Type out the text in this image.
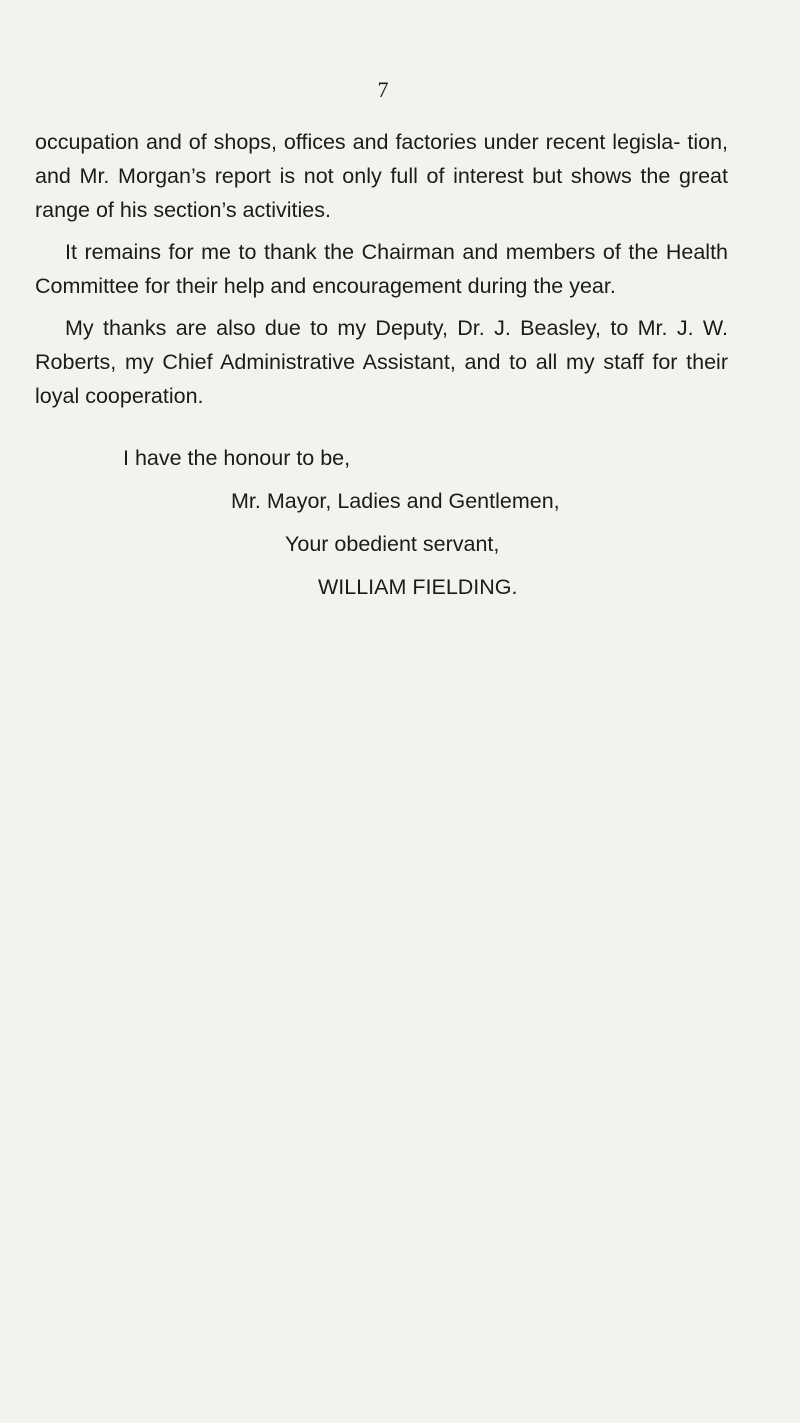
7

occupation and of shops, offices and factories under recent legisla- tion, and Mr. Morgan’s report is not only full of interest but shows the great range of his section’s activities.

It remains for me to thank the Chairman and members of the Health Committee for their help and encouragement during the year.

My thanks are also due to my Deputy, Dr. J. Beasley, to Mr. J. W. Roberts, my Chief Administrative Assistant, and to all my staff for their loyal cooperation.

I have the honour to be,
Mr. Mayor, Ladies and Gentlemen,
Your obedient servant,
WILLIAM FIELDING.
